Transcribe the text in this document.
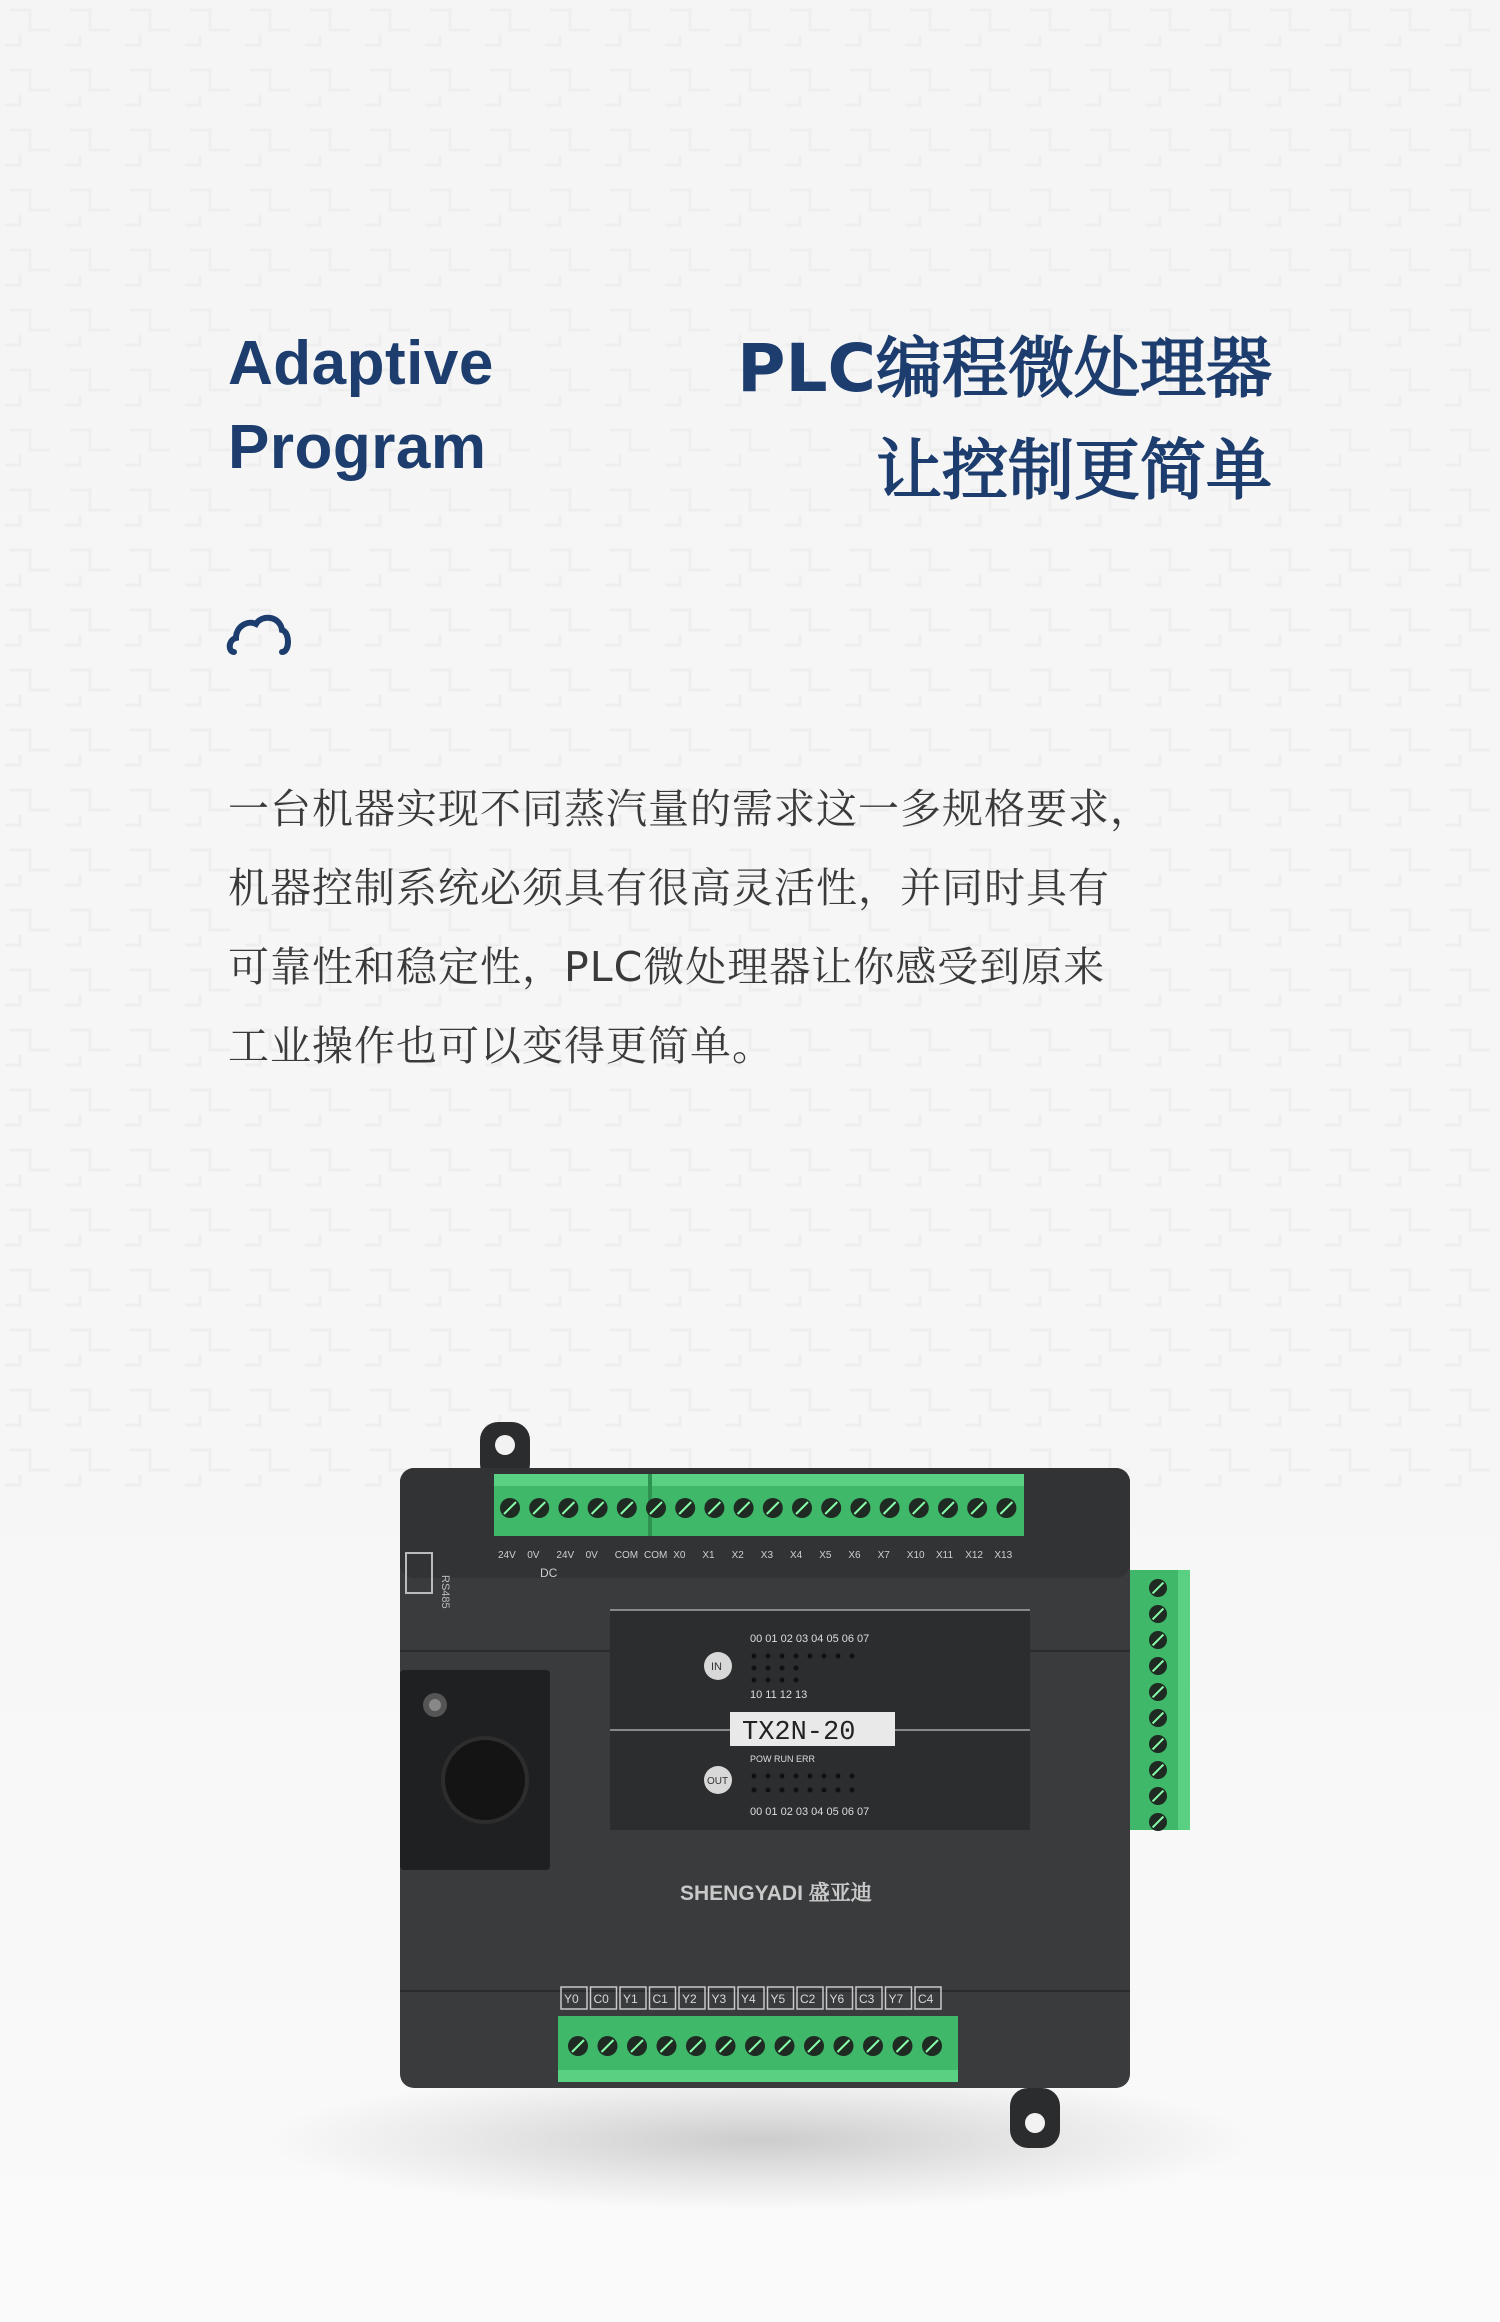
Adaptive
Program
PLC编程微处理器
让控制更简单
一台机器实现不同蒸汽量的需求这一多规格要求，
机器控制系统必须具有很高灵活性，并同时具有
可靠性和稳定性，PLC微处理器让你感受到原来
工业操作也可以变得更简单。
RS485
24V 0V 24V 0V COM COM X0 X1 X2 X3 X4 X5 X6 X7 X10 X11 X12 X13
DC
IN
00 01 02 03 04 05 06 07
10 11 12 13
TX2N-20
OUT
POW RUN ERR
00 01 02 03 04 05 06 07
SHENGYADI 盛亚迪
Y0 C0 Y1 C1 Y2 Y3 Y4 Y5 C2 Y6 C3 Y7 C4
